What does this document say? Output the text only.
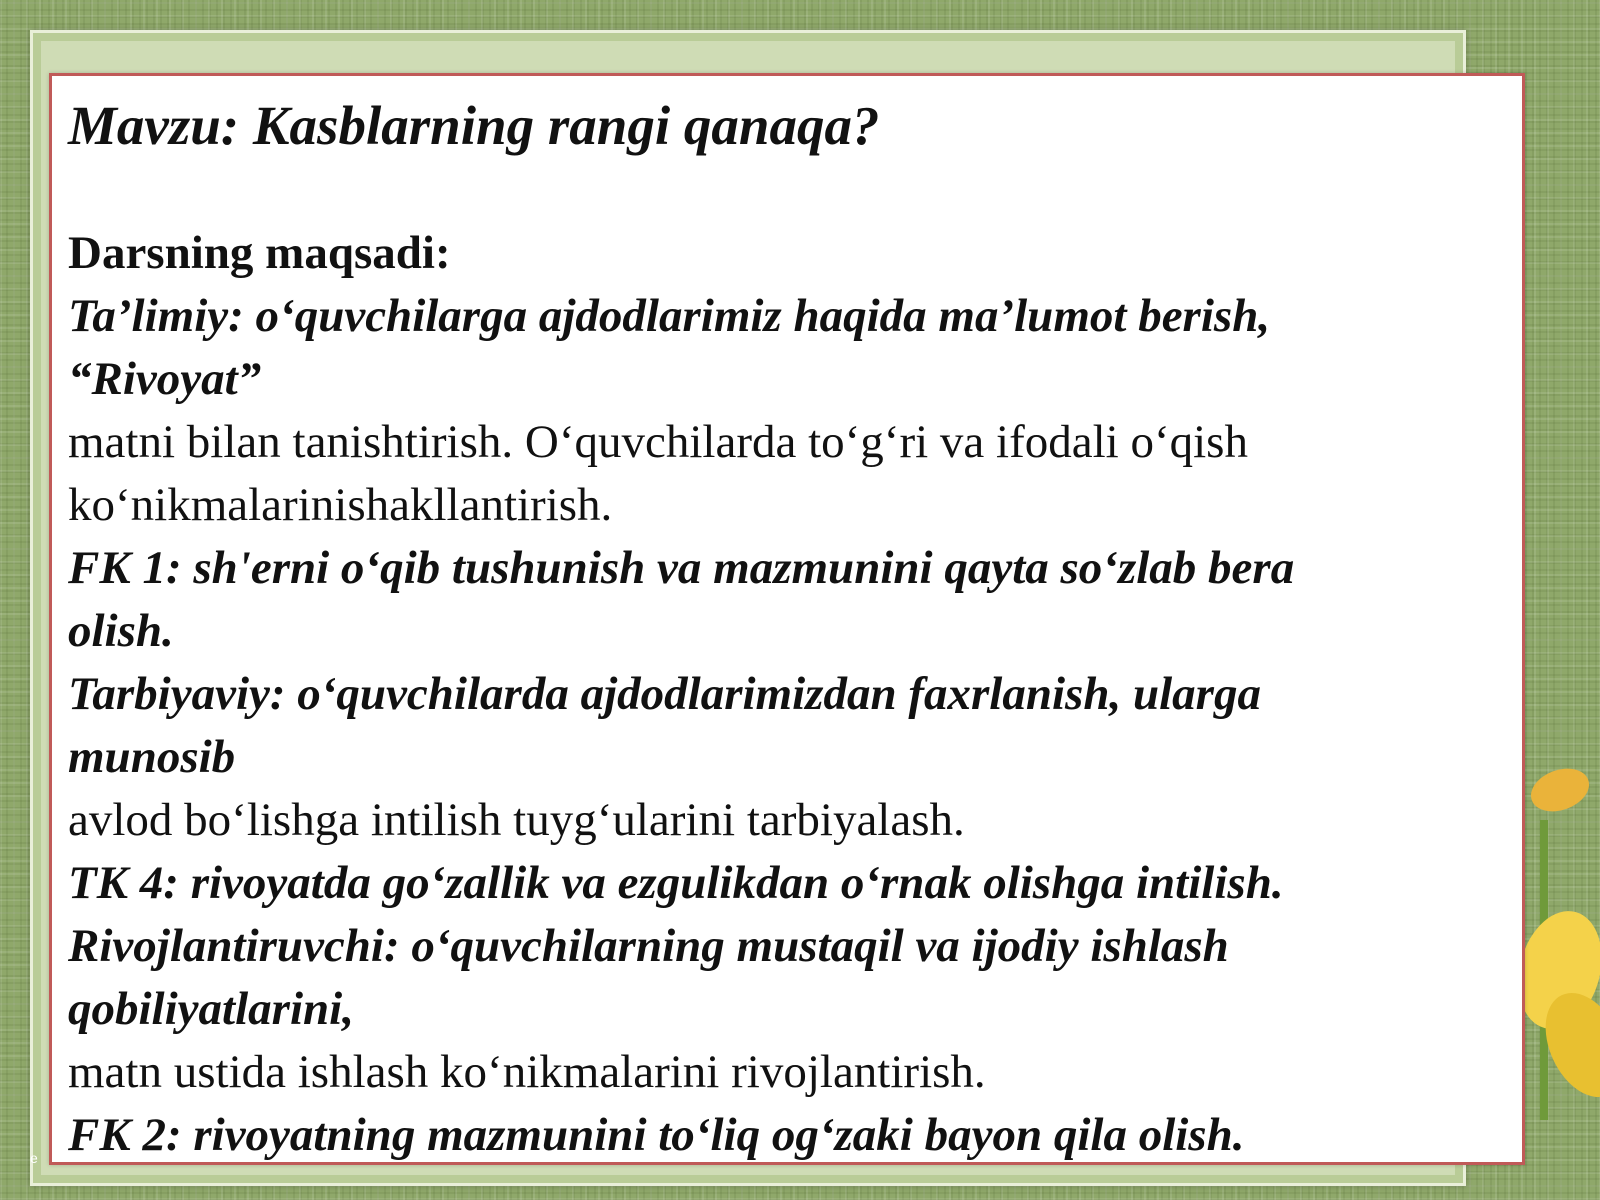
e
Mavzu: Kasblarning rangi qanaqa?

Darsning maqsadi:

Ta’limiy: o‘quvchilarga ajdodlarimiz haqida ma’lumot berish,

“Rivoyat”

matni bilan tanishtirish. O‘quvchilarda to‘g‘ri va ifodali o‘qish

ko‘nikmalarinishakllantirish.

FK 1: sh'erni o‘qib tushunish va mazmunini qayta so‘zlab bera

olish.

Tarbiyaviy: o‘quvchilarda ajdodlarimizdan faxrlanish, ularga

munosib

avlod bo‘lishga intilish tuyg‘ularini tarbiyalash.

TK 4: rivoyatda go‘zallik va ezgulikdan o‘rnak olishga intilish.

Rivojlantiruvchi: o‘quvchilarning mustaqil va ijodiy ishlash

qobiliyatlarini,

matn ustida ishlash ko‘nikmalarini rivojlantirish.

FK 2: rivoyatning mazmunini to‘liq og‘zaki bayon qila olish.
